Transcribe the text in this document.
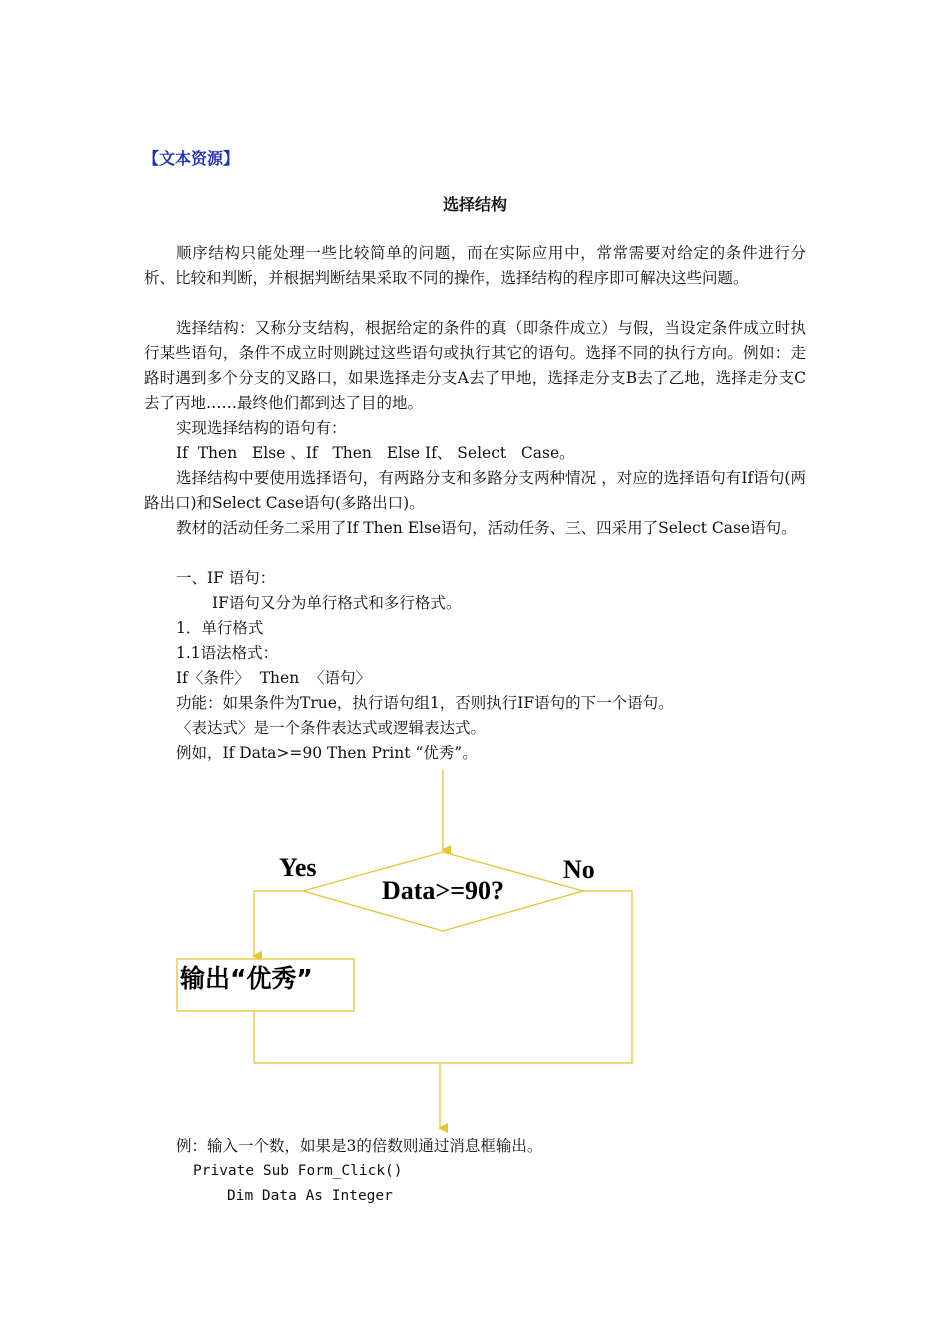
【文本资源】
选择结构
顺序结构只能处理一些比较简单的问题，而在实际应用中，常常需要对给定的条件进行分析、比较和判断，并根据判断结果采取不同的操作，选择结构的程序即可解决这些问题。
选择结构：又称分支结构，根据给定的条件的真（即条件成立）与假，当设定条件成立时执行某些语句，条件不成立时则跳过这些语句或执行其它的语句。选择不同的执行方向。例如：走路时遇到多个分支的叉路口，如果选择走分支A去了甲地，选择走分支B去了乙地，选择走分支C去了丙地……最终他们都到达了目的地。
实现选择结构的语句有：
If  Then   Else 、If   Then   Else If、 Select   Case。
选择结构中要使用选择语句，有两路分支和多路分支两种情况 ，对应的选择语句有If语句(两路出口)和Select Case语句(多路出口)。
教材的活动任务二采用了If Then Else语句，活动任务、三、四采用了Select Case语句。
一、IF 语句：
IF语句又分为单行格式和多行格式。
1．单行格式
1.1语法格式：
If〈条件〉  Then  〈语句〉
功能：如果条件为True，执行语句组1，否则执行IF语句的下一个语句。
〈表达式〉是一个条件表达式或逻辑表达式。
例如，If Data>=90 Then Print “优秀”。
Yes	No
Data>=90?
输出“优秀”
例：输入一个数，如果是3的倍数则通过消息框输出。
Private Sub Form_Click()
Dim Data As Integer
